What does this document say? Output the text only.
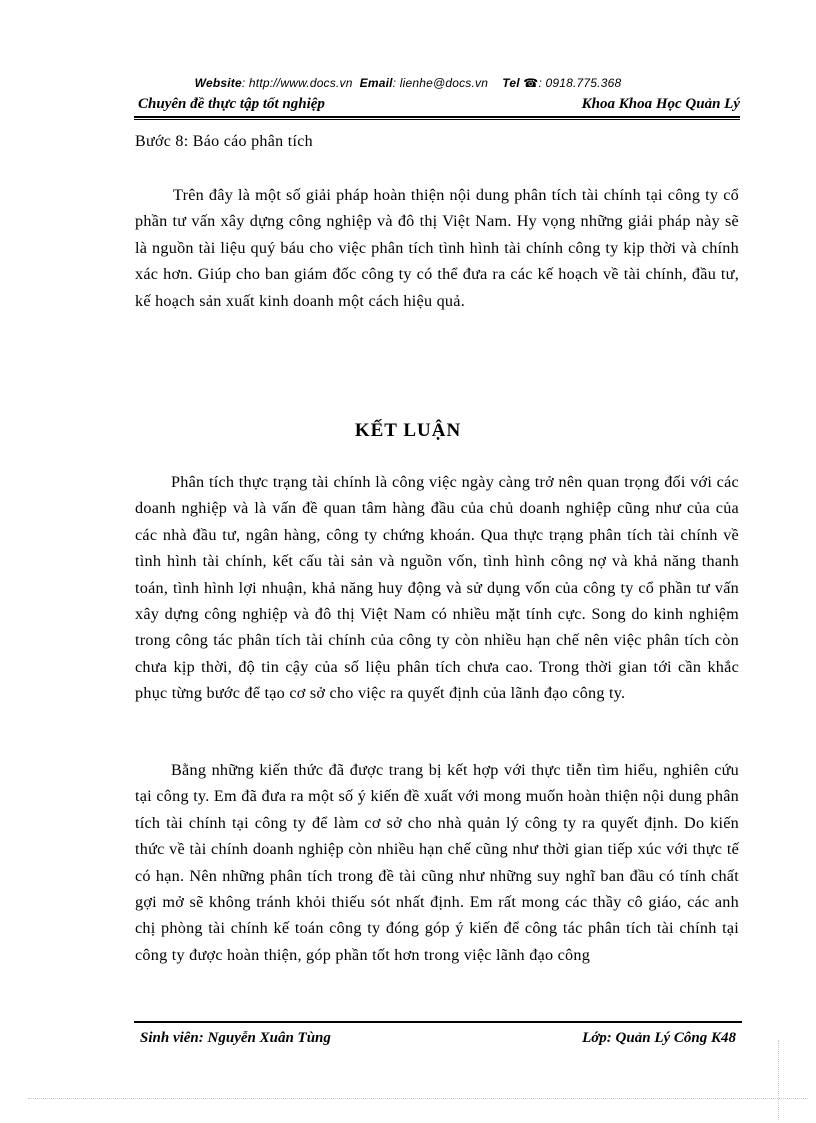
Website: http://www.docs.vn Email: lienhe@docs.vn Tel ☎: 0918.775.368
Chuyên đề thực tập tốt nghiệp	Khoa Khoa Học Quản Lý
Bước 8: Báo cáo phân tích
Trên đây là một số giải pháp hoàn thiện nội dung phân tích tài chính tại công ty cổ phần tư vấn xây dựng công nghiệp và đô thị Việt Nam. Hy vọng những giải pháp này sẽ là nguồn tài liệu quý báu cho việc phân tích tình hình tài chính công ty kịp thời và chính xác hơn. Giúp cho ban giám đốc công ty có thể đưa ra các kế hoạch về tài chính, đầu tư, kế hoạch sản xuất kinh doanh một cách hiệu quả.
KẾT LUẬN
Phân tích thực trạng tài chính là công việc ngày càng trở nên quan trọng đối với các doanh nghiệp và là vấn đề quan tâm hàng đầu của chủ doanh nghiệp cũng như của của các nhà đầu tư, ngân hàng, công ty chứng khoán. Qua thực trạng phân tích tài chính về tình hình tài chính, kết cấu tài sản và nguồn vốn, tình hình công nợ và khả năng thanh toán, tình hình lợi nhuận, khả năng huy động và sử dụng vốn của công ty cổ phần tư vấn xây dựng công nghiệp và đô thị Việt Nam có nhiều mặt tính cực. Song do kinh nghiệm trong công tác phân tích tài chính của công ty còn nhiều hạn chế nên việc phân tích còn chưa kịp thời, độ tin cậy của số liệu phân tích chưa cao. Trong thời gian tới cần khắc phục từng bước để tạo cơ sở cho việc ra quyết định của lãnh đạo công ty.
Bằng những kiến thức đã được trang bị kết hợp với thực tiễn tìm hiểu, nghiên cứu tại công ty. Em đã đưa ra một số ý kiến đề xuất với mong muốn hoàn thiện nội dung phân tích tài chính tại công ty để làm cơ sở cho nhà quản lý công ty ra quyết định. Do kiến thức về tài chính doanh nghiệp còn nhiều hạn chế cũng như thời gian tiếp xúc với thực tế có hạn. Nên những phân tích trong đề tài cũng như những suy nghĩ ban đầu có tính chất gợi mở sẽ không tránh khỏi thiếu sót nhất định. Em rất mong các thầy cô giáo, các anh chị phòng tài chính kế toán công ty đóng góp ý kiến để công tác phân tích tài chính tại công ty được hoàn thiện, góp phần tốt hơn trong việc lãnh đạo công
Sinh viên: Nguyễn Xuân Tùng	Lớp: Quản Lý Công K48
